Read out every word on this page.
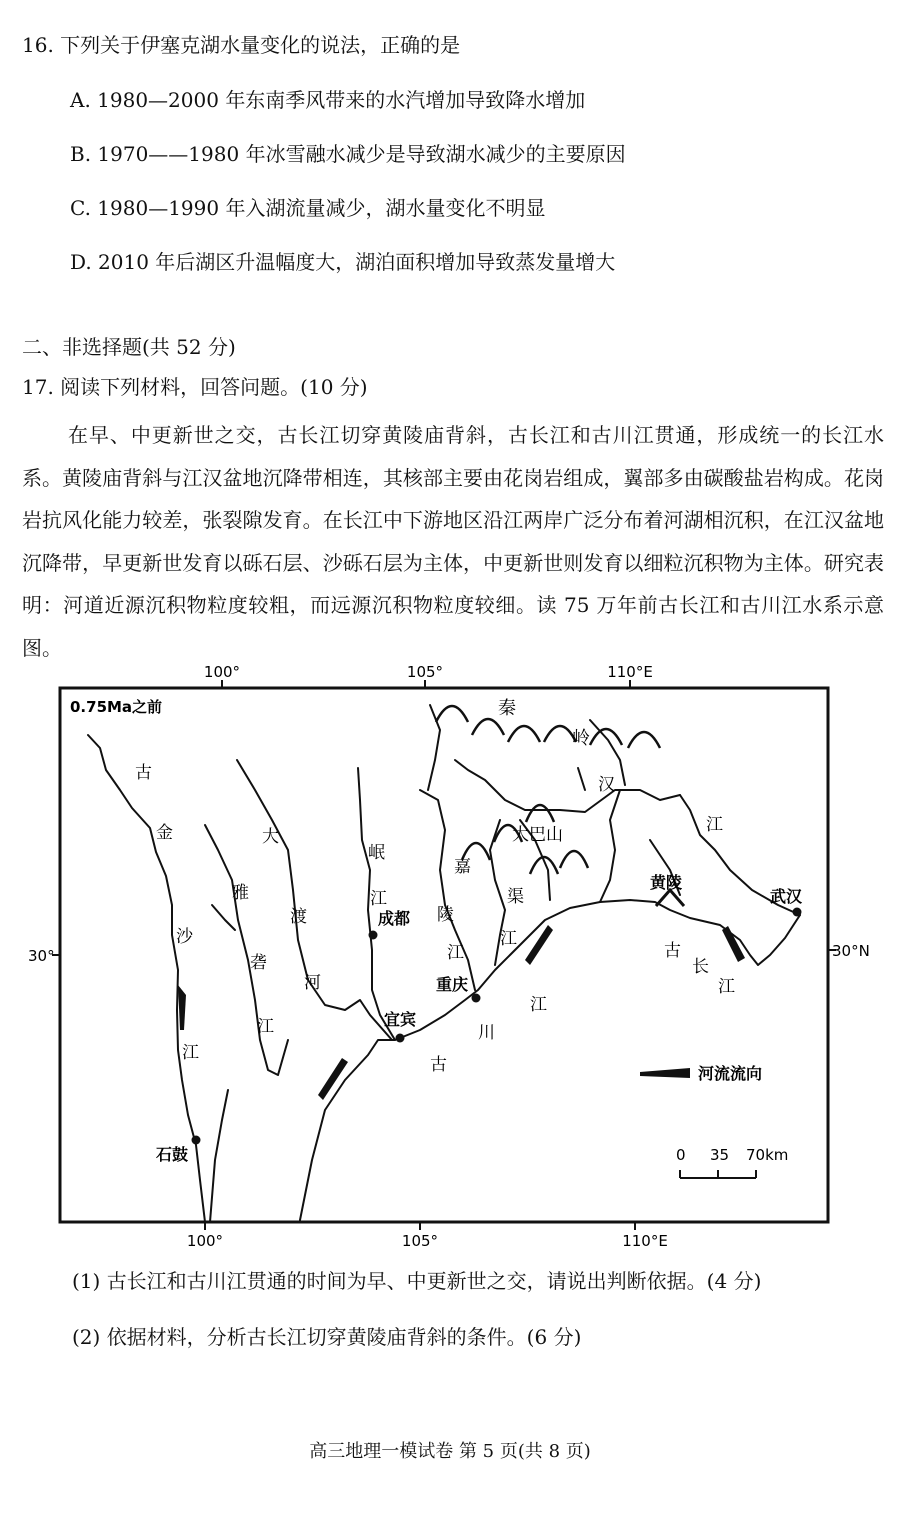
16. 下列关于伊塞克湖水量变化的说法，正确的是
A. 1980—2000 年东南季风带来的水汽增加导致降水增加
B. 1970——1980 年冰雪融水减少是导致湖水减少的主要原因
C. 1980—1990 年入湖流量减少，湖水量变化不明显
D. 2010 年后湖区升温幅度大，湖泊面积增加导致蒸发量增大
二、非选择题(共 52 分)
17. 阅读下列材料，回答问题。(10 分)
在早、中更新世之交，古长江切穿黄陵庙背斜，古长江和古川江贯通，形成统一的长江水系。黄陵庙背斜与江汉盆地沉降带相连，其核部主要由花岗岩组成，翼部多由碳酸盐岩构成。花岗岩抗风化能力较差，张裂隙发育。在长江中下游地区沿江两岸广泛分布着河湖相沉积，在江汉盆地沉降带，早更新世发育以砾石层、沙砾石层为主体，中更新世则发育以细粒沉积物为主体。研究表明：河道近源沉积物粒度较粗，而远源沉积物粒度较细。读 75 万年前古长江和古川江水系示意图。
100°	105°	110°E
100°	105°	110°E
30°	30°N
0.75Ma之前
石鼓
成都
宜宾
重庆
黄陵
武汉
秦
岭
大巴山
古
金
沙
江
雅
砻
江
大
渡
河
岷
江
嘉
陵
江
渠
江
古
川
江
汉
江
古
长
江
河流流向
0 35 70km
(1) 古长江和古川江贯通的时间为早、中更新世之交，请说出判断依据。(4 分)
(2) 依据材料，分析古长江切穿黄陵庙背斜的条件。(6 分)
高三地理一模试卷 第 5 页(共 8 页)
